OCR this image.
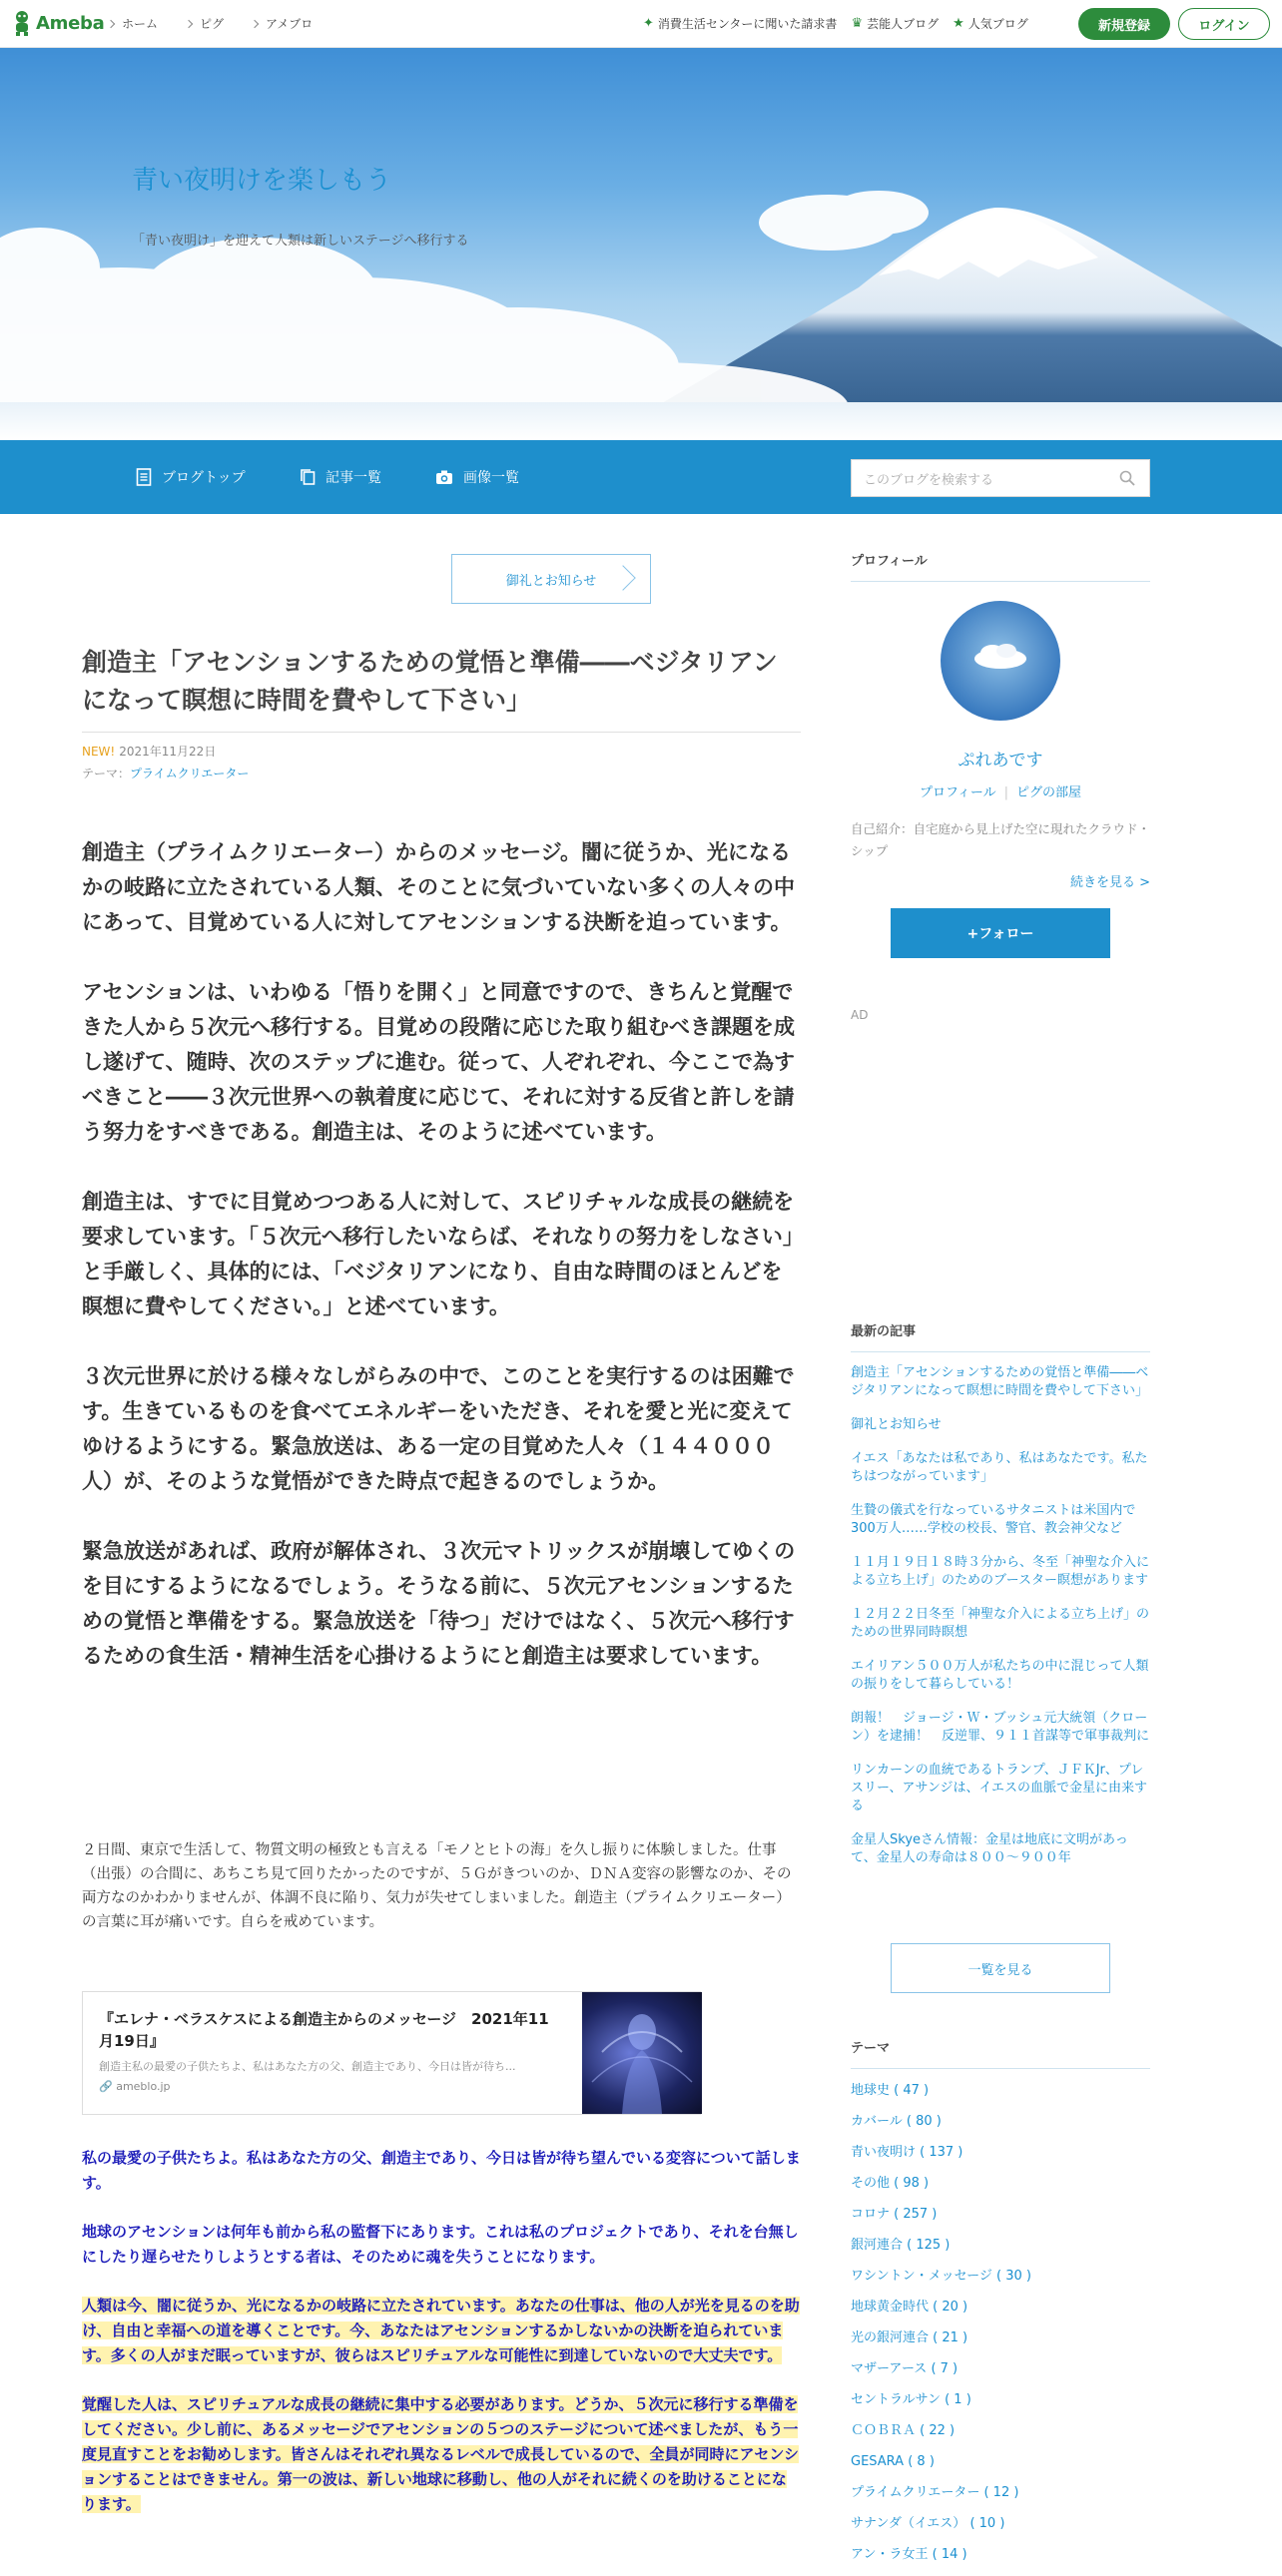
Ameba ホーム	ピグ	アメブロ	✦ 消費生活センターに聞いた請求書 ♛ 芸能人ブログ ★ 人気ブログ	新規登録	ログイン
青い夜明けを楽しもう
「青い夜明け」を迎えて人類は新しいステージへ移行する
ブログトップ	記事一覧	画像一覧	このブログを検索する
御礼とお知らせ
創造主「アセンションするための覚悟と準備――ベジタリアンになって瞑想に時間を費やして下さい」
NEW! 2021年11月22日
テーマ：プライムクリエーター

創造主（プライムクリエーター）からのメッセージ。闇に従うか、光になるかの岐路に立たされている人類、そのことに気づいていない多くの人々の中にあって、目覚めている人に対してアセンションする決断を迫っています。

アセンションは、いわゆる「悟りを開く」と同意ですので、きちんと覚醒できた人から５次元へ移行する。目覚めの段階に応じた取り組むべき課題を成し遂げて、随時、次のステップに進む。従って、人ぞれぞれ、今ここで為すべきこと――３次元世界への執着度に応じて、それに対する反省と許しを請う努力をすべきである。創造主は、そのように述べています。

創造主は、すでに目覚めつつある人に対して、スピリチャルな成長の継続を要求しています。「５次元へ移行したいならば、それなりの努力をしなさい」と手厳しく、具体的には、「ベジタリアンになり、自由な時間のほとんどを瞑想に費やしてください。」と述べています。

３次元世界に於ける様々なしがらみの中で、このことを実行するのは困難です。生きているものを食べてエネルギーをいただき、それを愛と光に変えてゆけるようにする。緊急放送は、ある一定の目覚めた人々（１４４０００人）が、そのような覚悟ができた時点で起きるのでしょうか。

緊急放送があれば、政府が解体され、３次元マトリックスが崩壊してゆくのを目にするようになるでしょう。そうなる前に、５次元アセンションするための覚悟と準備をする。緊急放送を「待つ」だけではなく、５次元へ移行するための食生活・精神生活を心掛けるようにと創造主は要求しています。

２日間、東京で生活して、物質文明の極致とも言える「モノとヒトの海」を久し振りに体験しました。仕事（出張）の合間に、あちこち見て回りたかったのですが、５Ｇがきついのか、ＤＮＡ変容の影響なのか、その両方なのかわかりませんが、体調不良に陥り、気力が失せてしまいました。創造主（プライムクリエーター）の言葉に耳が痛いです。自らを戒めています。

『エレナ・ベラスケスによる創造主からのメッセージ　2021年11月19日』
創造主私の最愛の子供たちよ、私はあなた方の父、創造主であり、今日は皆が待ち...
🔗 ameblo.jp

私の最愛の子供たちよ。私はあなた方の父、創造主であり、今日は皆が待ち望んでいる変容について話します。

地球のアセンションは何年も前から私の監督下にあります。これは私のプロジェクトであり、それを台無しにしたり遅らせたりしようとする者は、そのために魂を失うことになります。

人類は今、闇に従うか、光になるかの岐路に立たされています。あなたの仕事は、他の人が光を見るのを助け、自由と幸福への道を導くことです。今、あなたはアセンションするかしないかの決断を迫られています。多くの人がまだ眠っていますが、彼らはスピリチュアルな可能性に到達していないので大丈夫です。

覚醒した人は、スピリチュアルな成長の継続に集中する必要があります。どうか、５次元に移行する準備をしてください。少し前に、あるメッセージでアセンションの５つのステージについて述べましたが、もう一度見直すことをお勧めします。皆さんはそれぞれ異なるレベルで成長しているので、全員が同時にアセンションすることはできません。第一の波は、新しい地球に移動し、他の人がそれに続くのを助けることになります。

プロフィール
ぷれあです
プロフィール | ピグの部屋
自己紹介：自宅庭から見上げた空に現れたクラウド・シップ
続きを見る >
+フォロー
AD
最新の記事
創造主「アセンションするための覚悟と準備――ベジタリアンになって瞑想に時間を費やして下さい」
御礼とお知らせ
イエス「あなたは私であり、私はあなたです。私たちはつながっています」
生贄の儀式を行なっているサタニストは米国内で300万人……学校の校長、警官、教会神父など
１１月１９日１８時３分から、冬至「神聖な介入による立ち上げ」のためのブースター瞑想があります
１２月２２日冬至「神聖な介入による立ち上げ」のための世界同時瞑想
エイリアン５００万人が私たちの中に混じって人類の振りをして暮らしている！
朗報！　ジョージ・Ｗ・ブッシュ元大統領（クローン）を逮捕！　反逆罪、９１１首謀等で軍事裁判に
リンカーンの血統であるトランプ、ＪＦＫJr、プレスリー、アサンジは、イエスの血脈で金星に由来する
金星人Skyeさん情報：金星は地底に文明があって、金星人の寿命は８００～９００年
一覧を見る
テーマ
地球史 ( 47 )
カバール ( 80 )
青い夜明け ( 137 )
その他 ( 98 )
コロナ ( 257 )
銀河連合 ( 125 )
ワシントン・メッセージ ( 30 )
地球黄金時代 ( 20 )
光の銀河連合 ( 21 )
マザーアース ( 7 )
セントラルサン ( 1 )
ＣＯＢＲＡ ( 22 )
GESARA ( 8 )
プライムクリエーター ( 12 )
サナンダ（イエス） ( 10 )
アン・ラ女王 ( 14 )
